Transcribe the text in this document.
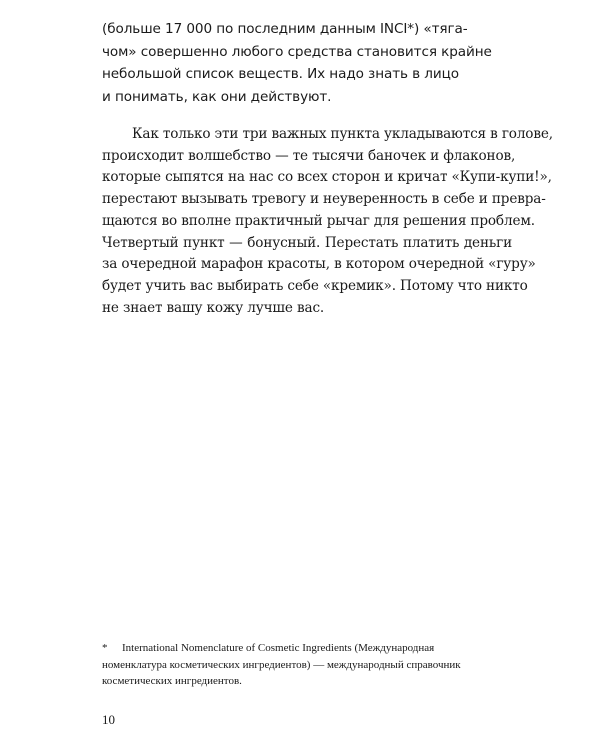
(больше 17 000 по последним данным INCI*) «тяга-
чом» совершенно любого средства становится крайне
небольшой список веществ. Их надо знать в лицо
и понимать, как они действуют.
Как только эти три важных пункта укладываются в голове,
происходит волшебство — те тысячи баночек и флаконов,
которые сыпятся на нас со всех сторон и кричат «Купи-купи!»,
перестают вызывать тревогу и неуверенность в себе и превра-
щаются во вполне практичный рычаг для решения проблем.
Четвертый пункт — бонусный. Перестать платить деньги
за очередной марафон красоты, в котором очередной «гуру»
будет учить вас выбирать себе «кремик». Потому что никто
не знает вашу кожу лучше вас.
* International Nomenclature of Cosmetic Ingredients (Международная
номенклатура косметических ингредиентов) — международный справочник
косметических ингредиентов.
10
